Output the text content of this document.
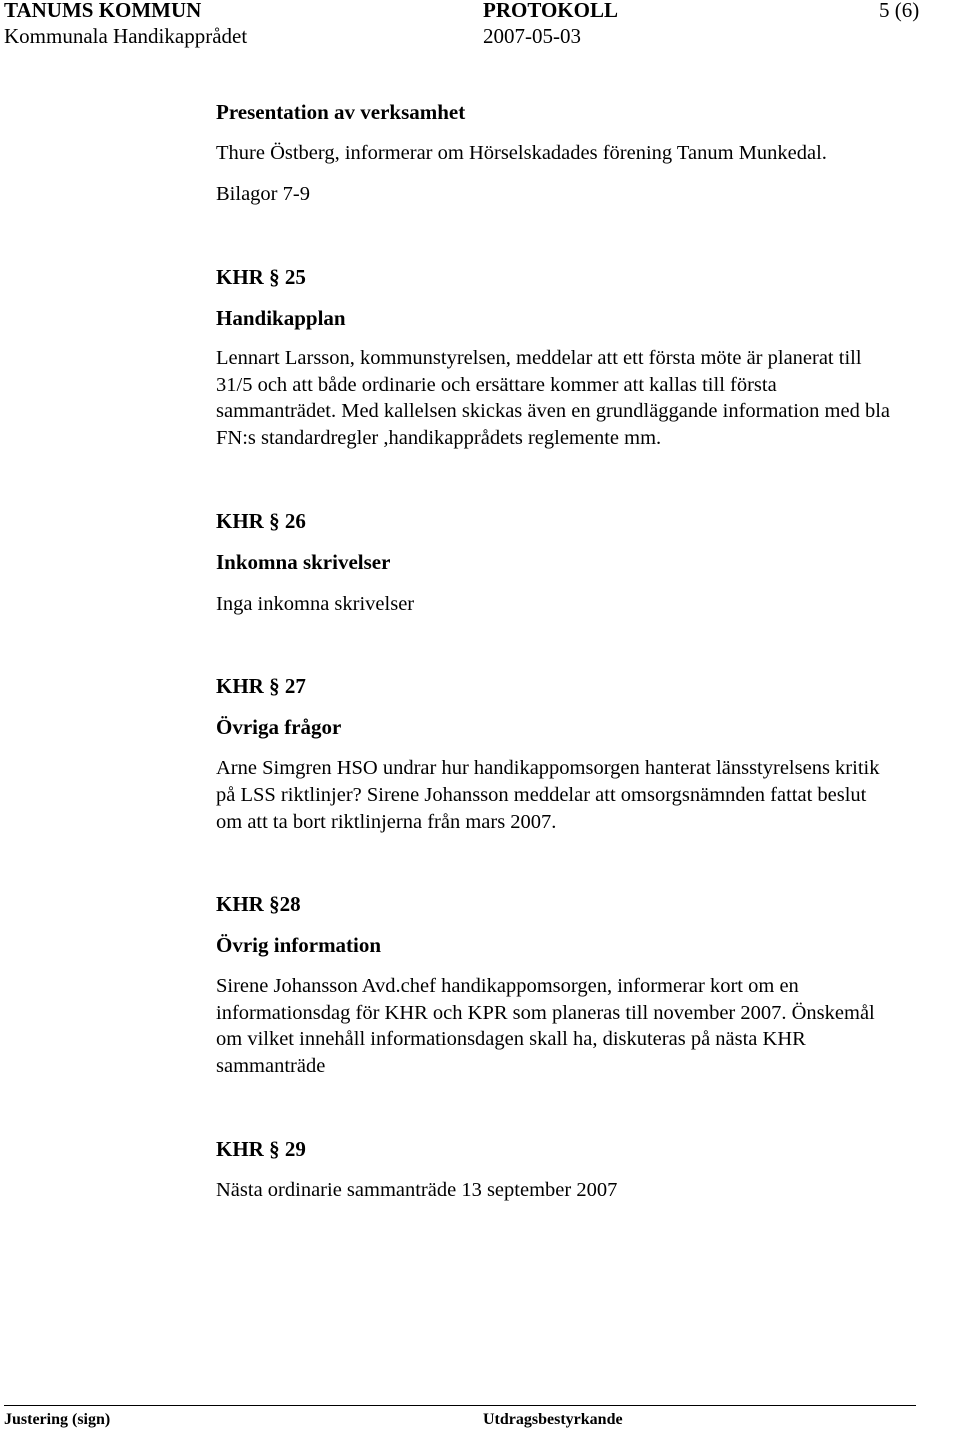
TANUMS KOMMUN	PROTOKOLL	5 (6)
Kommunala Handikapprådet	2007-05-03
Presentation av verksamhet
Thure Östberg, informerar om Hörselskadades förening Tanum Munkedal.
Bilagor 7-9
KHR § 25
Handikapplan
Lennart Larsson, kommunstyrelsen, meddelar att ett första möte är planerat till
31/5 och att både ordinarie och ersättare kommer att kallas till första
sammanträdet. Med kallelsen skickas även en grundläggande information med bla
FN:s standardregler ,handikapprådets reglemente mm.
KHR § 26
Inkomna skrivelser
Inga inkomna skrivelser
KHR § 27
Övriga frågor
Arne Simgren HSO undrar hur handikappomsorgen hanterat länsstyrelsens kritik
på LSS riktlinjer? Sirene Johansson meddelar att omsorgsnämnden fattat beslut
om att ta bort riktlinjerna från mars 2007.
KHR §28
Övrig information
Sirene Johansson Avd.chef handikappomsorgen, informerar kort om en
informationsdag för KHR och KPR som planeras till november 2007. Önskemål
om vilket innehåll informationsdagen skall ha, diskuteras på nästa KHR
sammanträde
KHR § 29
Nästa ordinarie sammanträde 13 september 2007
Justering (sign)	Utdragsbestyrkande
